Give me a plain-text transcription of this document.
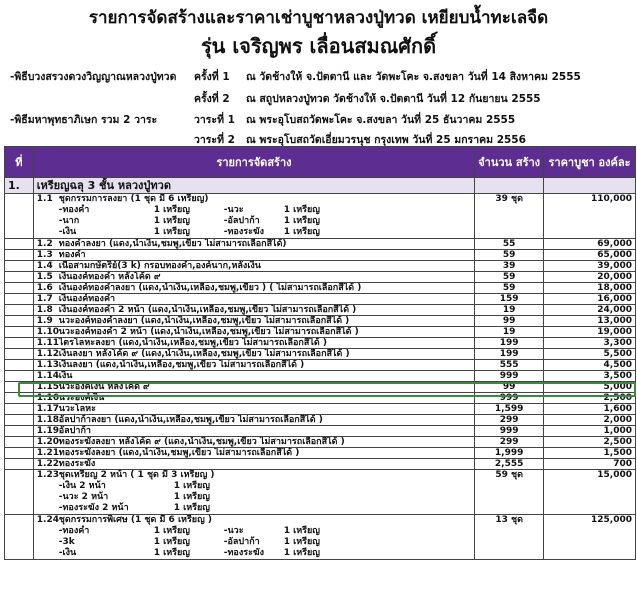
รายการจัดสร้างและราคาเช่าบูชาหลวงปู่ทวด เหยียบน้ำทะเลจืด
รุ่น เจริญพร เลื่อนสมณศักดิ์
-พิธีบวงสรวงดวงวิญญาณหลวงปู่ทวด ครั้งที่ 1 ณ วัดช้างให้ จ.ปัตตานี และ วัดพะโคะ จ.สงขลา วันที่ 14 สิงหาคม 2555
ครั้งที่ 2 ณ สถูปหลวงปู่ทวด วัดช้างให้ จ.ปัตตานี วันที่ 12 กันยายน 2555
-พิธีมหาพุทธาภิเษก รวม 2 วาระ	วาระที่ 1 ณ พระอุโบสถวัดพะโคะ จ.สงขลา วันที่ 25 ธันวาคม 2555
วาระที่ 2 ณ พระอุโบสถวัดเอี่ยมวรนุช กรุงเทพ วันที่ 25 มกราคม 2556
ที่	รายการจัดสร้าง	จำนวน สร้าง	ราคาบูชา องค์ละ
1.	เหรียญฉลุ 3 ชั้น หลวงปู่ทวด		

	1.1 ชุดกรรมการลงยา (1 ชุด มี 6 เหรียญ)
-ทองคำ 1 เหรียญ -นวะ 1 เหรียญ
-นาก 1 เหรียญ -อัลปาก้า 1 เหรียญ
-เงิน 1 เหรียญ -ทองระฆัง 1 เหรียญ	39 ชุด	110,000
	1.2 ทองคำลงยา (แดง,น้ำเงิน,ชมพู,เขียว ไม่สามารถเลือกสีได้)	55	69,000
	1.3 ทองคำ	59	65,000
	1.4 เนื้อสามกษัตริย์(3 k) กรอบทองคำ,องค์นาก,หลังเงิน	39	39,000
	1.5 เงินองค์ทองคำ หลังโค้ด ๙	59	20,000
	1.6 เงินองค์ทองคำลงยา (แดง,น้ำเงิน,เหลือง,ชมพู,เขียว ) ( ไม่สามารถเลือกสีได้ )	59	18,000
	1.7 เงินองค์ทองคำ	159	16,000
	1.8 เงินองค์ทองคำ 2 หน้า (แดง,น้ำเงิน,เหลือง,ชมพู,เขียว ไม่สามารถเลือกสีได้ )	19	24,000
	1.9 นวะองค์ทองคำลงยา (แดง,น้ำเงิน,เหลือง,ชมพู,เขียว ไม่สามารถเลือกสีได้ )	99	13,000
	1.10นวะองค์ทองคำ 2 หน้า (แดง,น้ำเงิน,เหลือง,ชมพู,เขียว ไม่สามารถเลือกสีได้ )	19	19,000
	1.11ไตรโลหะลงยา (แดง,น้ำเงิน,เหลือง,ชมพู,เขียว ไม่สามารถเลือกสีได้ )	199	3,300
	1.12เงินลงยา หลังโค้ด ๙ (แดง,น้ำเงิน,เหลือง,ชมพู,เขียว ไม่สามารถเลือกสีได้ )	199	5,500
	1.13เงินลงยา (แดง,น้ำเงิน,เหลือง,ชมพู,เขียว ไม่สามารถเลือกสีได้ )	555	4,500
	1.14เงิน	999	3,500
	1.15นวะองค์เงิน หลังโค้ด ๙	99	5,000
	1.16นวะองค์เงิน	999	2,500
	1.17นวะโลหะ	1,599	1,600
	1.18อัลปาก้าลงยา (แดง,น้ำเงิน,เหลือง,ชมพู,เขียว ไม่สามารถเลือกสีได้ )	299	2,000
	1.19อัลปาก้า	999	1,000
	1.20ทองระฆังลงยา หลังโค้ด ๙ (แดง,น้ำเงิน,ชมพู,เขียว ไม่สามารถเลือกสีได้ )	299	2,500
	1.21ทองระฆังลงยา (แดง,น้ำเงิน,ชมพู,เขียว ไม่สามารถเลือกสีได้ )	1,999	1,500
	1.22ทองระฆัง	2,555	700

	1.23ชุดเหรียญ 2 หน้า ( 1 ชุด มี 3 เหรียญ )
-เงิน 2 หน้า 1 เหรียญ
-นวะ 2 หน้า 1 เหรียญ
-ทองระฆัง 2 หน้า 1 เหรียญ	59 ชุด	15,000

	1.24ชุดกรรมการพิเศษ (1 ชุด มี 6 เหรียญ )
-ทองคำ 1 เหรียญ -นวะ 1 เหรียญ
-3k 1 เหรียญ -อัลปาก้า 1 เหรียญ
-เงิน 1 เหรียญ -ทองระฆัง 1 เหรียญ	13 ชุด	125,000
